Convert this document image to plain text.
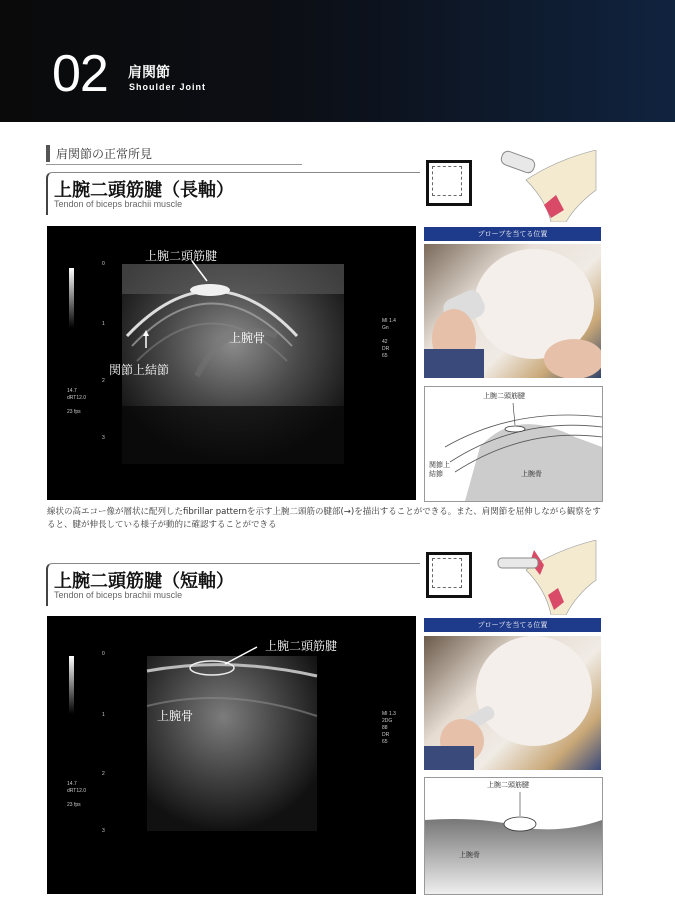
02 肩関節
Shoulder Joint
肩関節の正常所見
上腕二頭筋腱（長軸）
Tendon of biceps brachii muscle
0
1
2
3
14.7
dRT12.0

23 fps
MI 1.4
Gn

42
DR
65
上腕二頭筋腱
上腕骨
関節上結節
プローブを当てる位置
上腕二頭筋腱
関節上結節	上腕骨
線状の高エコー像が層状に配列したfibrillar patternを示す上腕二頭筋の腱部(→)を描出することができる。また、肩関節を屈伸しながら観察をすると、腱が伸長している様子が動的に確認することができる
上腕二頭筋腱（短軸）
Tendon of biceps brachii muscle
0
1
2
3
14.7
dRT12.0

23 fps
MI 1.3
2DG
88
DR
65
上腕二頭筋腱
上腕骨
プローブを当てる位置
上腕二頭筋腱
上腕骨
